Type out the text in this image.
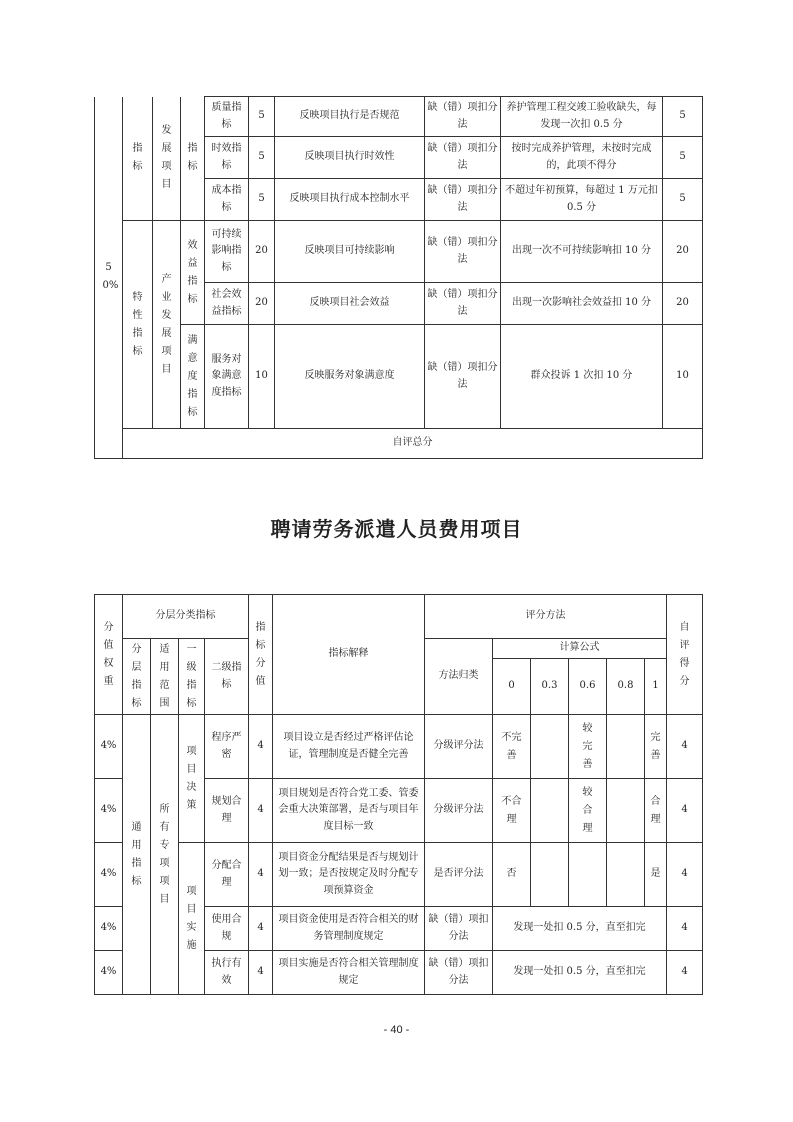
50%	指标	发展项目	指标	质量指标	5	反映项目执行是否规范	缺（错）项扣分法	养护管理工程交竣工验收缺失，每发现一次扣 0.5 分	5	
				时效指标	5	反映项目执行时效性	缺（错）项扣分法	按时完成养护管理，未按时完成的，此项不得分	5	
				成本指标	5	反映项目执行成本控制水平	缺（错）项扣分法	不超过年初预算，每超过 1 万元扣 0.5 分	5	
	特性指标	产业发展项目	效益指标	可持续影响指标	20	反映项目可持续影响	缺（错）项扣分法	出现一次不可持续影响扣 10 分	20	
				社会效益指标	20	反映项目社会效益	缺（错）项扣分法	出现一次影响社会效益扣 10 分	20	
			满意度指标	服务对象满意度指标	10	反映服务对象满意度	缺（错）项扣分法	群众投诉 1 次扣 10 分	10	
	自评总分	
聘请劳务派遣人员费用项目
分值权重	分层分类指标				指标分值	指标解释	评分方法						自评得分
	分层指标	适用范围	一级指标	二级指标			方法归类	计算公式					
								0	0.3	0.6	0.8	1	
4%	通用指标	所有专项项目	项目决策	程序严密	4	项目设立是否经过严格评估论证，管理制度是否健全完善	分级评分法	不完善		较完善		完善	4
4%				规划合理	4	项目规划是否符合党工委、管委会重大决策部署，是否与项目年度目标一致	分级评分法	不合理		较合理		合理	4
4%			项目实施	分配合理	4	项目资金分配结果是否与规划计划一致；是否按规定及时分配专项预算资金	是否评分法	否				是	4
4%				使用合规	4	项目资金使用是否符合相关的财务管理制度规定	缺（错）项扣分法	发现一处扣 0.5 分，直至扣完					4
4%				执行有效	4	项目实施是否符合相关管理制度规定	缺（错）项扣分法	发现一处扣 0.5 分，直至扣完					4
- 40 -
